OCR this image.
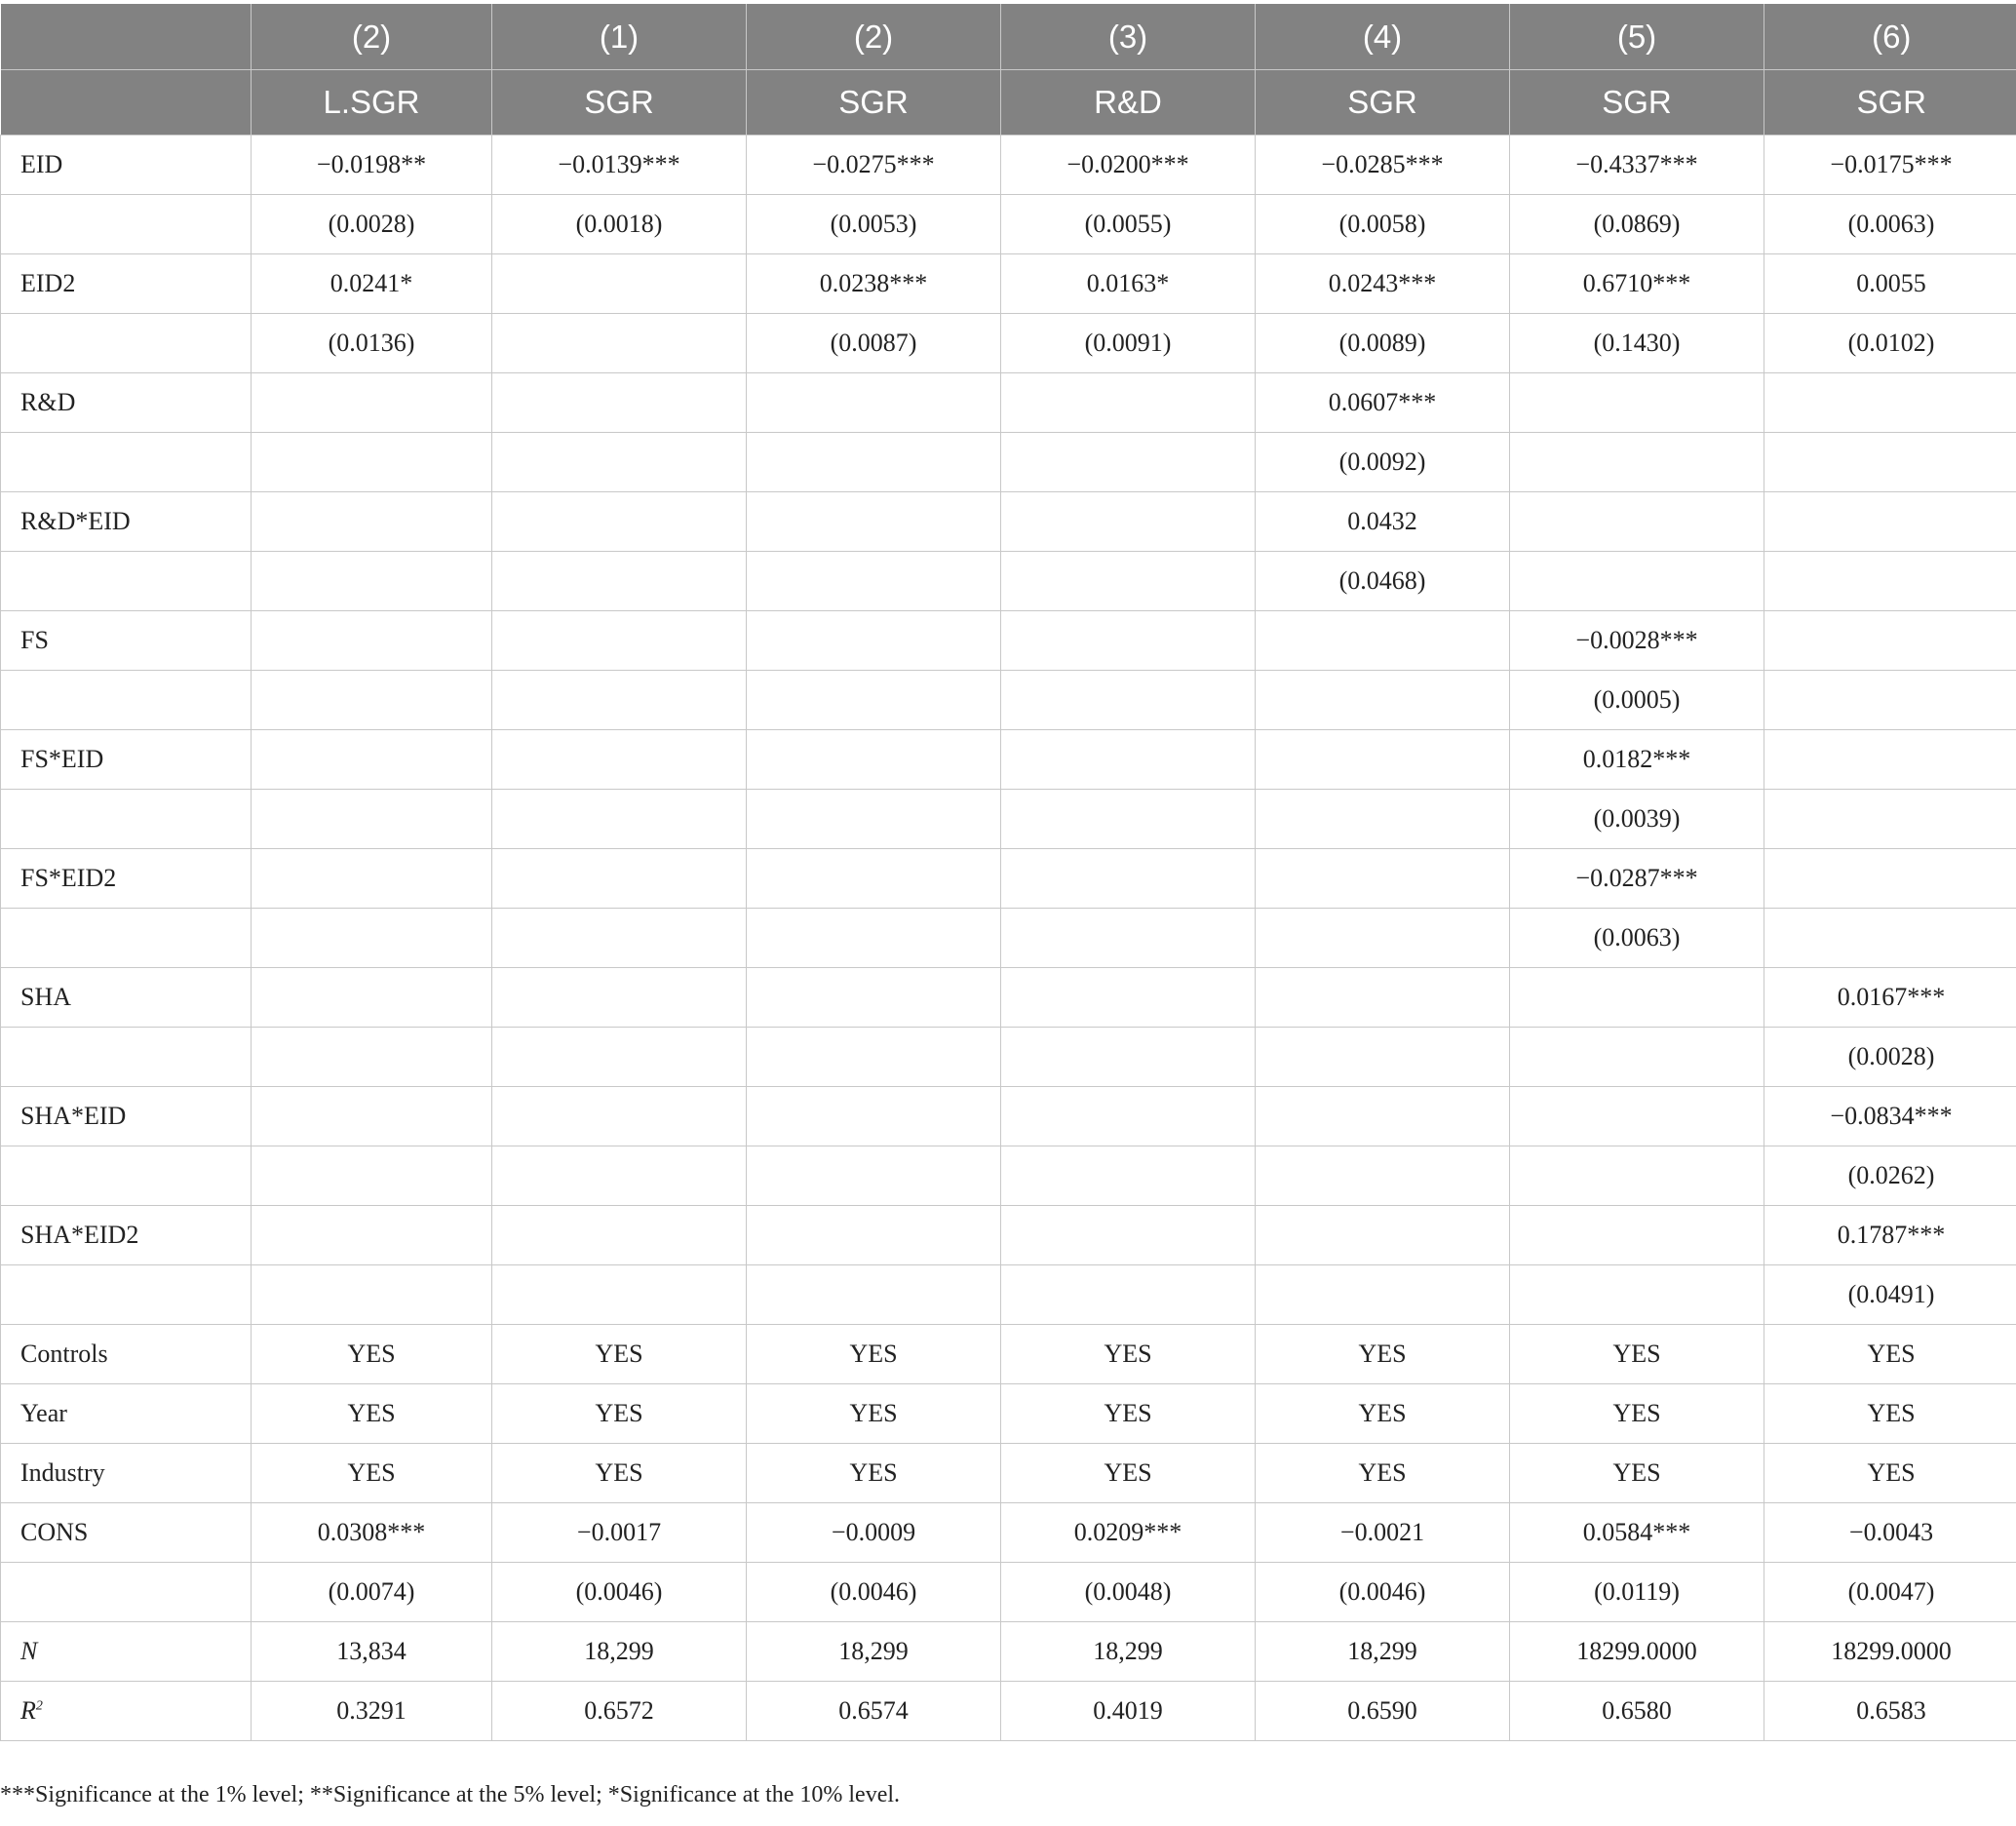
	(2)	(1)	(2)	(3)	(4)	(5)	(6)
	L.SGR	SGR	SGR	R&D	SGR	SGR	SGR
EID	−0.0198**	−0.0139***	−0.0275***	−0.0200***	−0.0285***	−0.4337***	−0.0175***
	(0.0028)	(0.0018)	(0.0053)	(0.0055)	(0.0058)	(0.0869)	(0.0063)
EID2	0.0241*		0.0238***	0.0163*	0.0243***	0.6710***	0.0055
	(0.0136)		(0.0087)	(0.0091)	(0.0089)	(0.1430)	(0.0102)
R&D					0.0607***		
					(0.0092)		
R&D*EID					0.0432		
					(0.0468)		
FS						−0.0028***	
						(0.0005)	
FS*EID						0.0182***	
						(0.0039)	
FS*EID2						−0.0287***	
						(0.0063)	
SHA							0.0167***
							(0.0028)
SHA*EID							−0.0834***
							(0.0262)
SHA*EID2							0.1787***
							(0.0491)
Controls	YES	YES	YES	YES	YES	YES	YES
Year	YES	YES	YES	YES	YES	YES	YES
Industry	YES	YES	YES	YES	YES	YES	YES
CONS	0.0308***	−0.0017	−0.0009	0.0209***	−0.0021	0.0584***	−0.0043
	(0.0074)	(0.0046)	(0.0046)	(0.0048)	(0.0046)	(0.0119)	(0.0047)
N	13,834	18,299	18,299	18,299	18,299	18299.0000	18299.0000
$R^2$	0.3291	0.6572	0.6574	0.4019	0.6590	0.6580	0.6583
***Significance at the 1% level; **Significance at the 5% level; *Significance at the 10% level.
